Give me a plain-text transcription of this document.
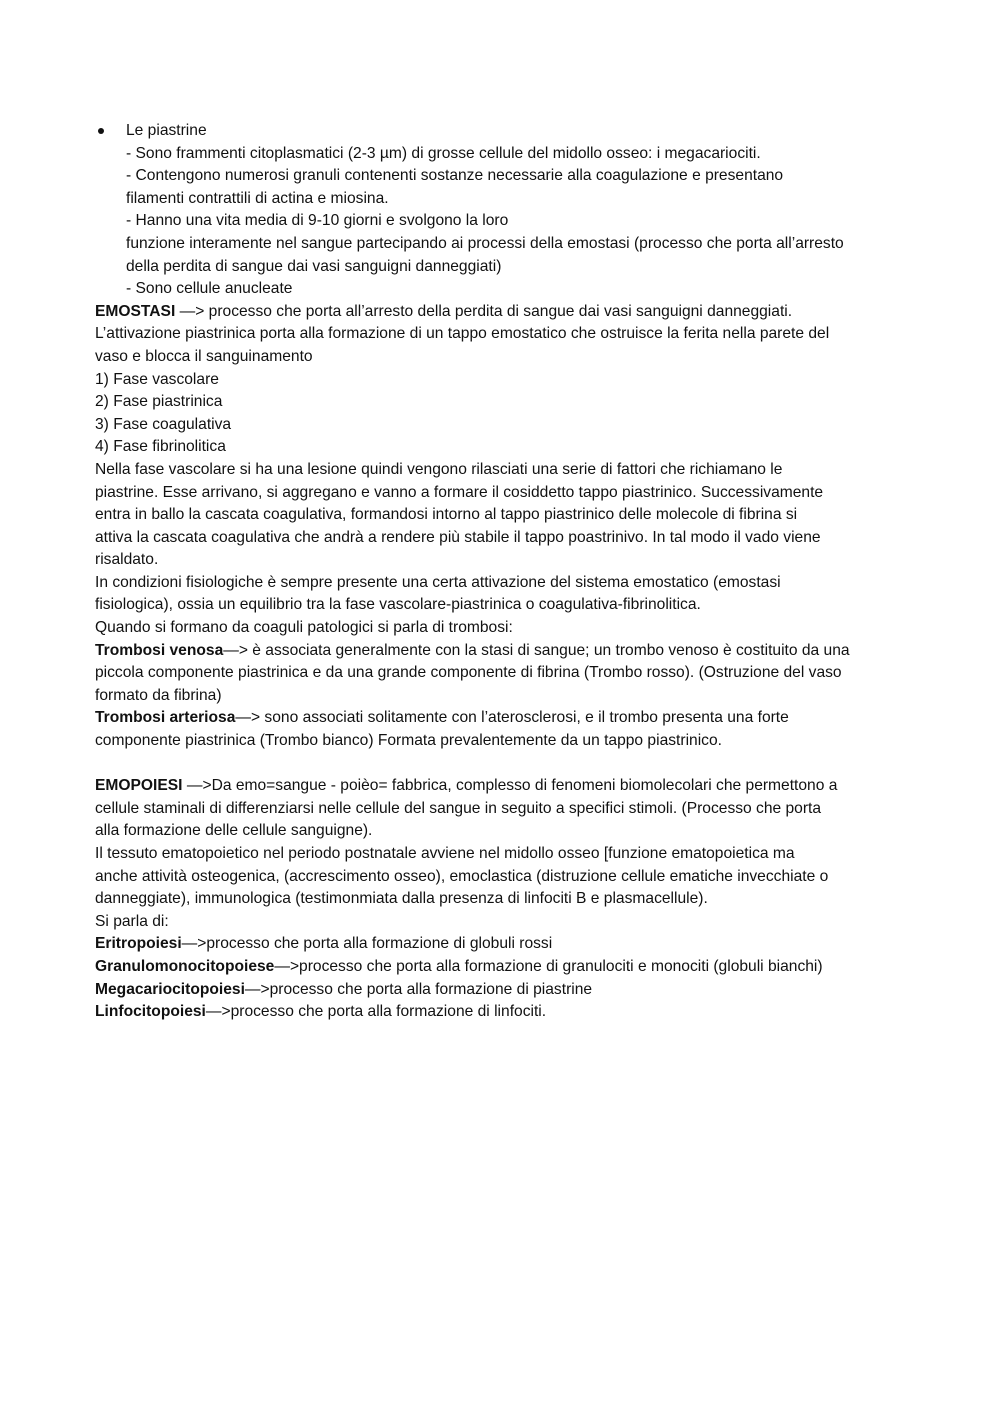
Le piastrine
- Sono frammenti citoplasmatici (2-3 µm) di grosse cellule del midollo osseo: i megacariociti.
- Contengono numerosi granuli contenenti sostanze necessarie alla coagulazione e presentano
filamenti contrattili di actina e miosina.
- Hanno una vita media di 9-10 giorni e svolgono la loro
funzione interamente nel sangue partecipando ai processi della emostasi (processo che porta all’arresto
della perdita di sangue dai vasi sanguigni danneggiati)
- Sono cellule anucleate
EMOSTASI —> processo che porta all’arresto della perdita di sangue dai vasi sanguigni danneggiati.
L’attivazione piastrinica porta alla formazione di un tappo emostatico che ostruisce la ferita nella parete del
vaso e blocca il sanguinamento
1) Fase vascolare
2) Fase piastrinica
3) Fase coagulativa
4) Fase fibrinolitica
Nella fase vascolare si ha una lesione quindi vengono rilasciati una serie di fattori che richiamano le
piastrine. Esse arrivano, si aggregano e vanno a formare il cosiddetto tappo piastrinico. Successivamente
entra in ballo la cascata coagulativa, formandosi intorno al tappo piastrinico delle molecole di fibrina si
attiva la cascata coagulativa che andrà a rendere più stabile il tappo poastrinivo. In tal modo il vado viene
risaldato.
In condizioni fisiologiche è sempre presente una certa attivazione del sistema emostatico (emostasi
fisiologica), ossia un equilibrio tra la fase vascolare-piastrinica o coagulativa-fibrinolitica.
Quando si formano da coaguli patologici si parla di trombosi:
Trombosi venosa—> è associata generalmente con la stasi di sangue; un trombo venoso è costituito da una
piccola componente piastrinica e da una grande componente di fibrina (Trombo rosso). (Ostruzione del vaso
formato da fibrina)
Trombosi arteriosa—> sono associati solitamente con l’aterosclerosi, e il trombo presenta una forte
componente piastrinica (Trombo bianco) Formata prevalentemente da un tappo piastrinico.
EMOPOIESI —>Da emo=sangue - poièo= fabbrica, complesso di fenomeni biomolecolari che permettono a
cellule staminali di differenziarsi nelle cellule del sangue in seguito a specifici stimoli. (Processo che porta
alla formazione delle cellule sanguigne).
Il tessuto ematopoietico nel periodo postnatale avviene nel midollo osseo [funzione ematopoietica ma
anche attività osteogenica, (accrescimento osseo), emoclastica (distruzione cellule ematiche invecchiate o
danneggiate), immunologica (testimonmiata dalla presenza di linfociti B e plasmacellule).
Si parla di:
Eritropoiesi—>processo che porta alla formazione di globuli rossi
Granulomonocitopoiese—>processo che porta alla formazione di granulociti e monociti (globuli bianchi)
Megacariocitopoiesi—>processo che porta alla formazione di piastrine
Linfocitopoiesi—>processo che porta alla formazione di linfociti.
